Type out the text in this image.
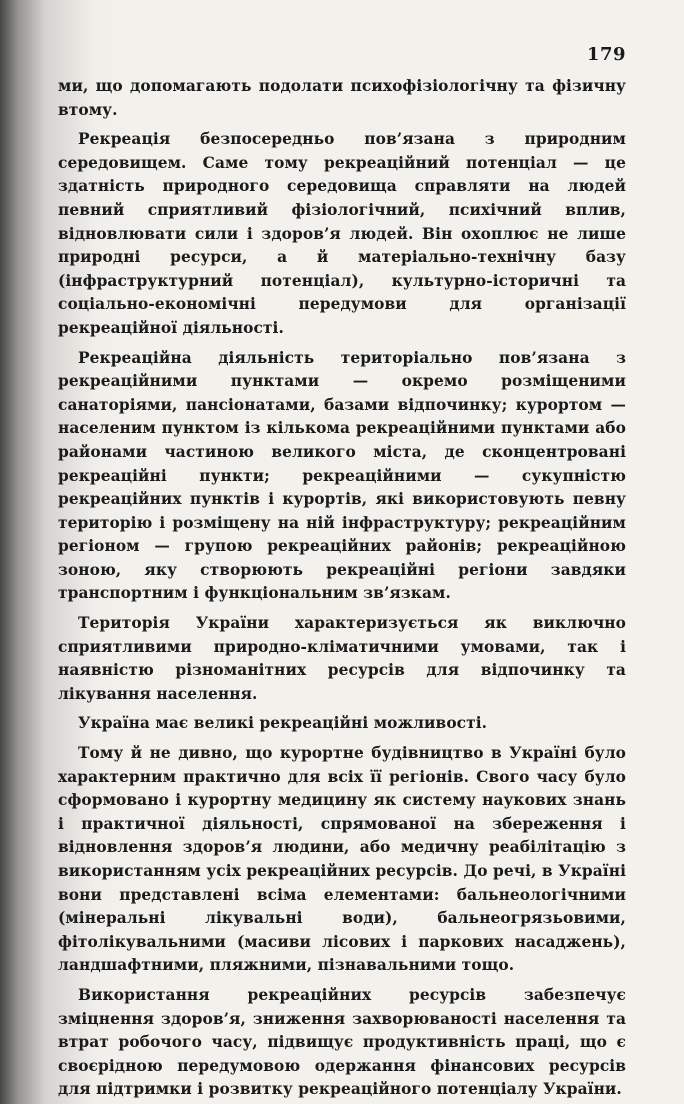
179

ми, що допомагають подолати психофізіологічну та фізичну втому.

Рекреація безпосередньо пов’язана з природним середовищем. Саме тому рекреаційний потенціал — це здатність природного середовища справляти на людей певний сприятливий фізіологічний, психічний вплив, відновлювати сили і здоров’я людей. Він охоплює не лише природні ресурси, а й матеріально-технічну базу (інфраструктурний потенціал), культурно-історичні та соціально-економічні передумови для організації рекреаційної діяльності.

Рекреаційна діяльність територіально пов’язана з рекреаційними пунктами — окремо розміщеними санаторіями, пансіонатами, базами відпочинку; курортом — населеним пунктом із кількома рекреаційними пунктами або районами частиною великого міста, де сконцентровані рекреаційні пункти; рекреаційними — сукупністю рекреаційних пунктів і курортів, які використовують певну територію і розміщену на ній інфраструктуру; рекреаційним регіоном — групою рекреаційних районів; рекреаційною зоною, яку створюють рекреаційні регіони завдяки транспортним і функціональним зв’язкам.

Територія України характеризується як виключно сприятливими природно-кліматичними умовами, так і наявністю різноманітних ресурсів для відпочинку та лікування населення.

Україна має великі рекреаційні можливості.

Тому й не дивно, що курортне будівництво в Україні було характерним практично для всіх її регіонів. Свого часу було сформовано і курортну медицину як систему наукових знань і практичної діяльності, спрямованої на збереження і відновлення здоров’я людини, або медичну реабілітацію з використанням усіх рекреаційних ресурсів. До речі, в Україні вони представлені всіма елементами: бальнеологічними (мінеральні лікувальні води), бальнеогрязьовими, фітолікувальними (масиви лісових і паркових насаджень), ландшафтними, пляжними, пізнавальними тощо.

Використання рекреаційних ресурсів забезпечує зміцнення здоров’я, зниження захворюваності населення та втрат робочого часу, підвищує продуктивність праці, що є своєрідною передумовою одержання фінансових ресурсів для підтримки і розвитку рекреаційного потенціалу України.
